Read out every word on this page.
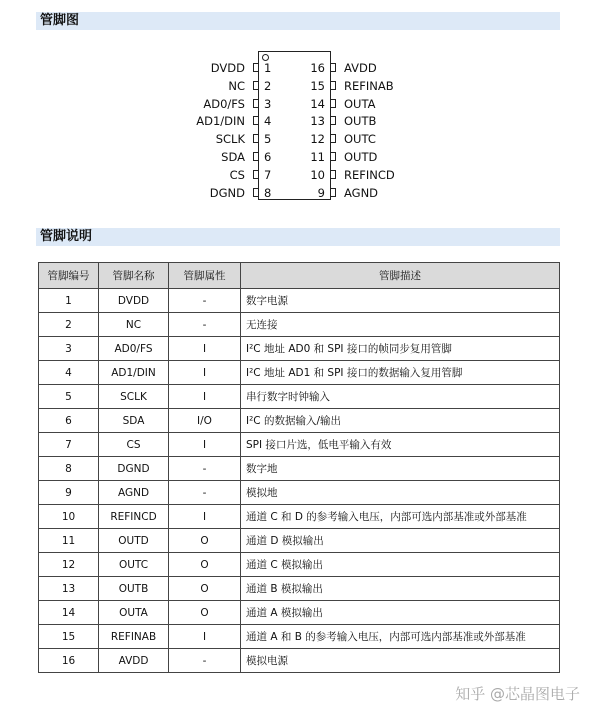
管脚图
DVDD 1
NC 2
AD0/FS 3
AD1/DIN 4
SCLK 5
SDA 6
CS 7
DGND 8
AVDD
16
REFINAB
15
OUTA
14
OUTB
13
OUTC
12
OUTD
11
REFINCD
10
AGND
9
管脚说明
管脚编号	管脚名称	管脚属性	管脚描述
1	DVDD	-	数字电源
2	NC	-	无连接
3	AD0/FS	I	I²C 地址 AD0 和 SPI 接口的帧同步复用管脚
4	AD1/DIN	I	I²C 地址 AD1 和 SPI 接口的数据输入复用管脚
5	SCLK	I	串行数字时钟输入
6	SDA	I/O	I²C 的数据输入/输出
7	CS	I	SPI 接口片选，低电平输入有效
8	DGND	-	数字地
9	AGND	-	模拟地
10	REFINCD	I	通道 C 和 D 的参考输入电压，内部可选内部基准或外部基准
11	OUTD	O	通道 D 模拟输出
12	OUTC	O	通道 C 模拟输出
13	OUTB	O	通道 B 模拟输出
14	OUTA	O	通道 A 模拟输出
15	REFINAB	I	通道 A 和 B 的参考输入电压，内部可选内部基准或外部基准
16	AVDD	-	模拟电源
知乎 @芯晶图电子
